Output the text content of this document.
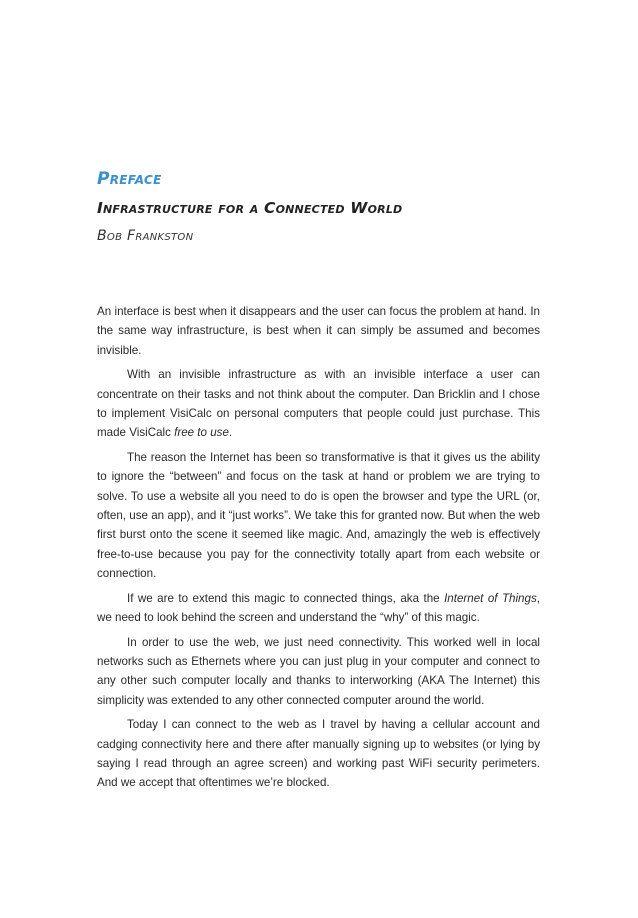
Preface
Infrastructure for a Connected World
Bob Frankston

An interface is best when it disappears and the user can focus the problem at hand. In the same way infrastructure, is best when it can simply be assumed and becomes invisible.

With an invisible infrastructure as with an invisible interface a user can concentrate on their tasks and not think about the computer. Dan Bricklin and I chose to implement VisiCalc on personal computers that people could just purchase. This made VisiCalc free to use.

The reason the Internet has been so transformative is that it gives us the ability to ignore the “between” and focus on the task at hand or problem we are trying to solve. To use a website all you need to do is open the browser and type the URL (or, often, use an app), and it “just works”. We take this for granted now. But when the web first burst onto the scene it seemed like magic. And, amazingly the web is effectively free-to-use because you pay for the connectivity totally apart from each website or connection.

If we are to extend this magic to connected things, aka the Internet of Things, we need to look behind the screen and understand the “why” of this magic.

In order to use the web, we just need connectivity. This worked well in local networks such as Ethernets where you can just plug in your computer and connect to any other such computer locally and thanks to interworking (AKA The Internet) this simplicity was extended to any other connected computer around the world.

Today I can connect to the web as I travel by having a cellular account and cadging connectivity here and there after manually signing up to websites (or lying by saying I read through an agree screen) and working past WiFi security perimeters. And we accept that oftentimes we’re blocked.
